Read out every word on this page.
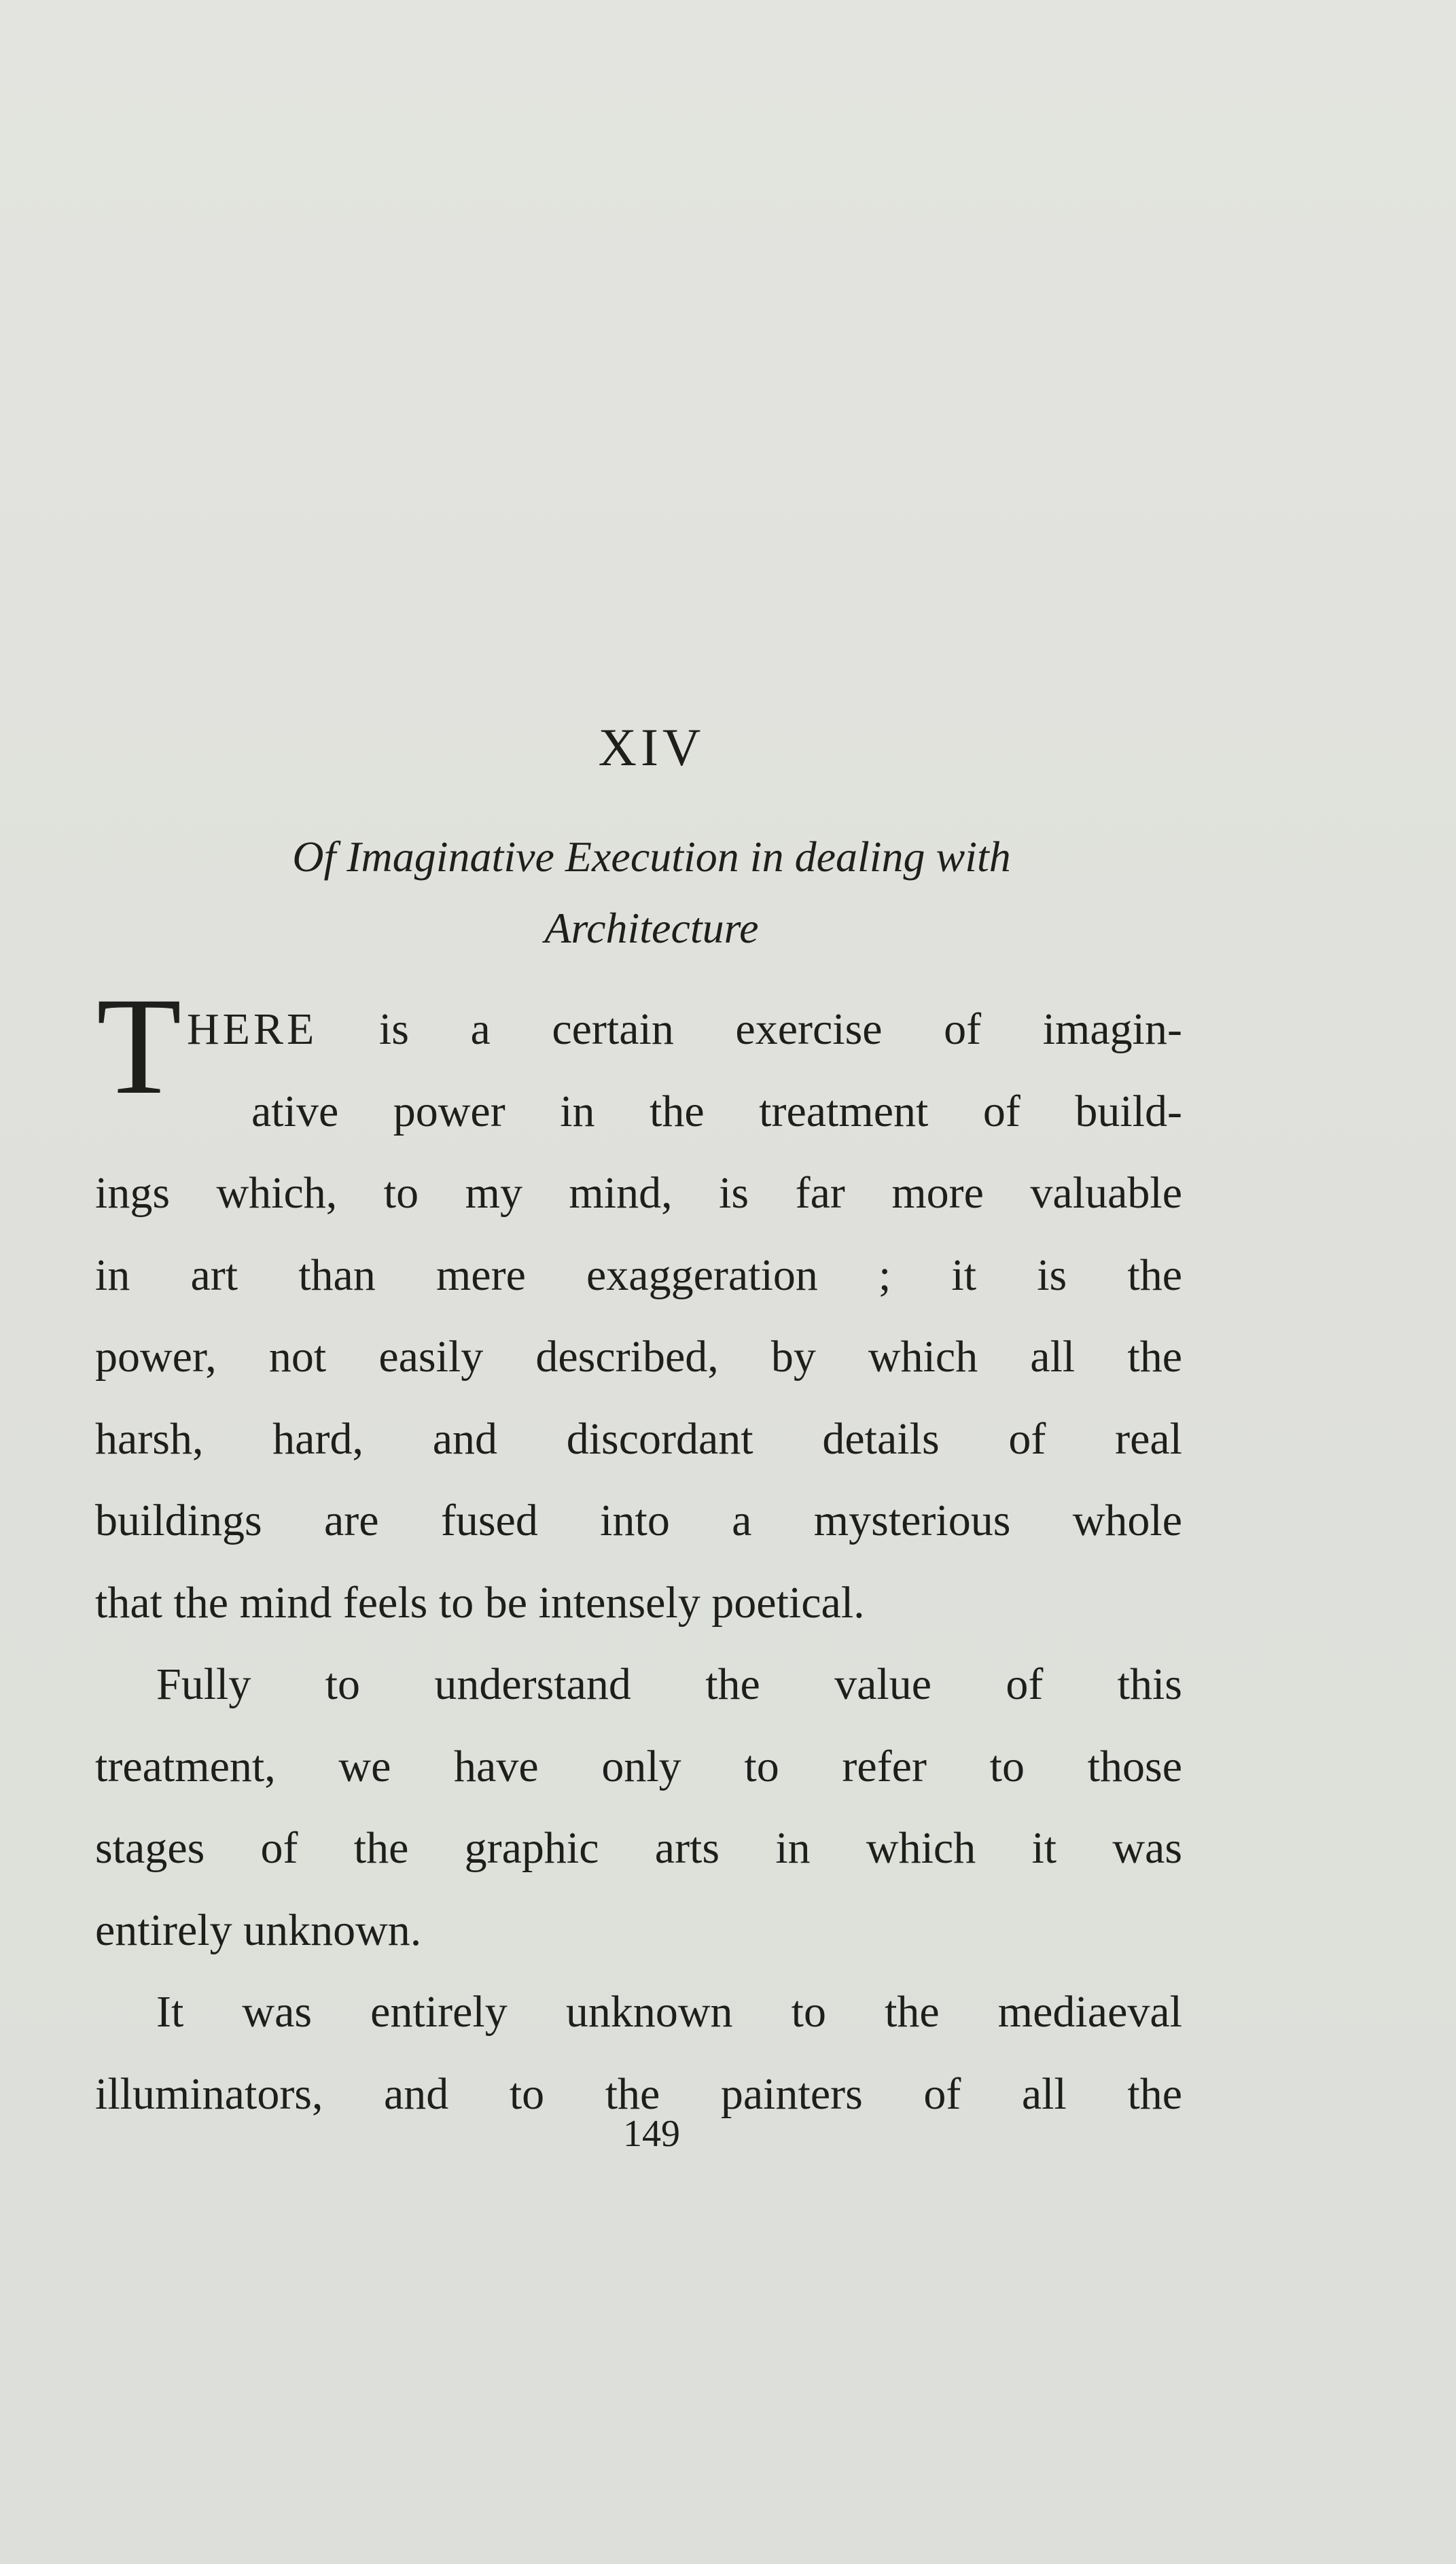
XIV
Of Imaginative Execution in dealing with
Architecture
T HERE is a certain exercise of imagin-
ative power in the treatment of build-
ings which, to my mind, is far more valuable
in art than mere exaggeration ; it is the
power, not easily described, by which all the
harsh, hard, and discordant details of real
buildings are fused into a mysterious whole
that the mind feels to be intensely poetical.
Fully to understand the value of this
treatment, we have only to refer to those
stages of the graphic arts in which it was
entirely unknown.
It was entirely unknown to the mediaeval
illuminators, and to the painters of all the
149
